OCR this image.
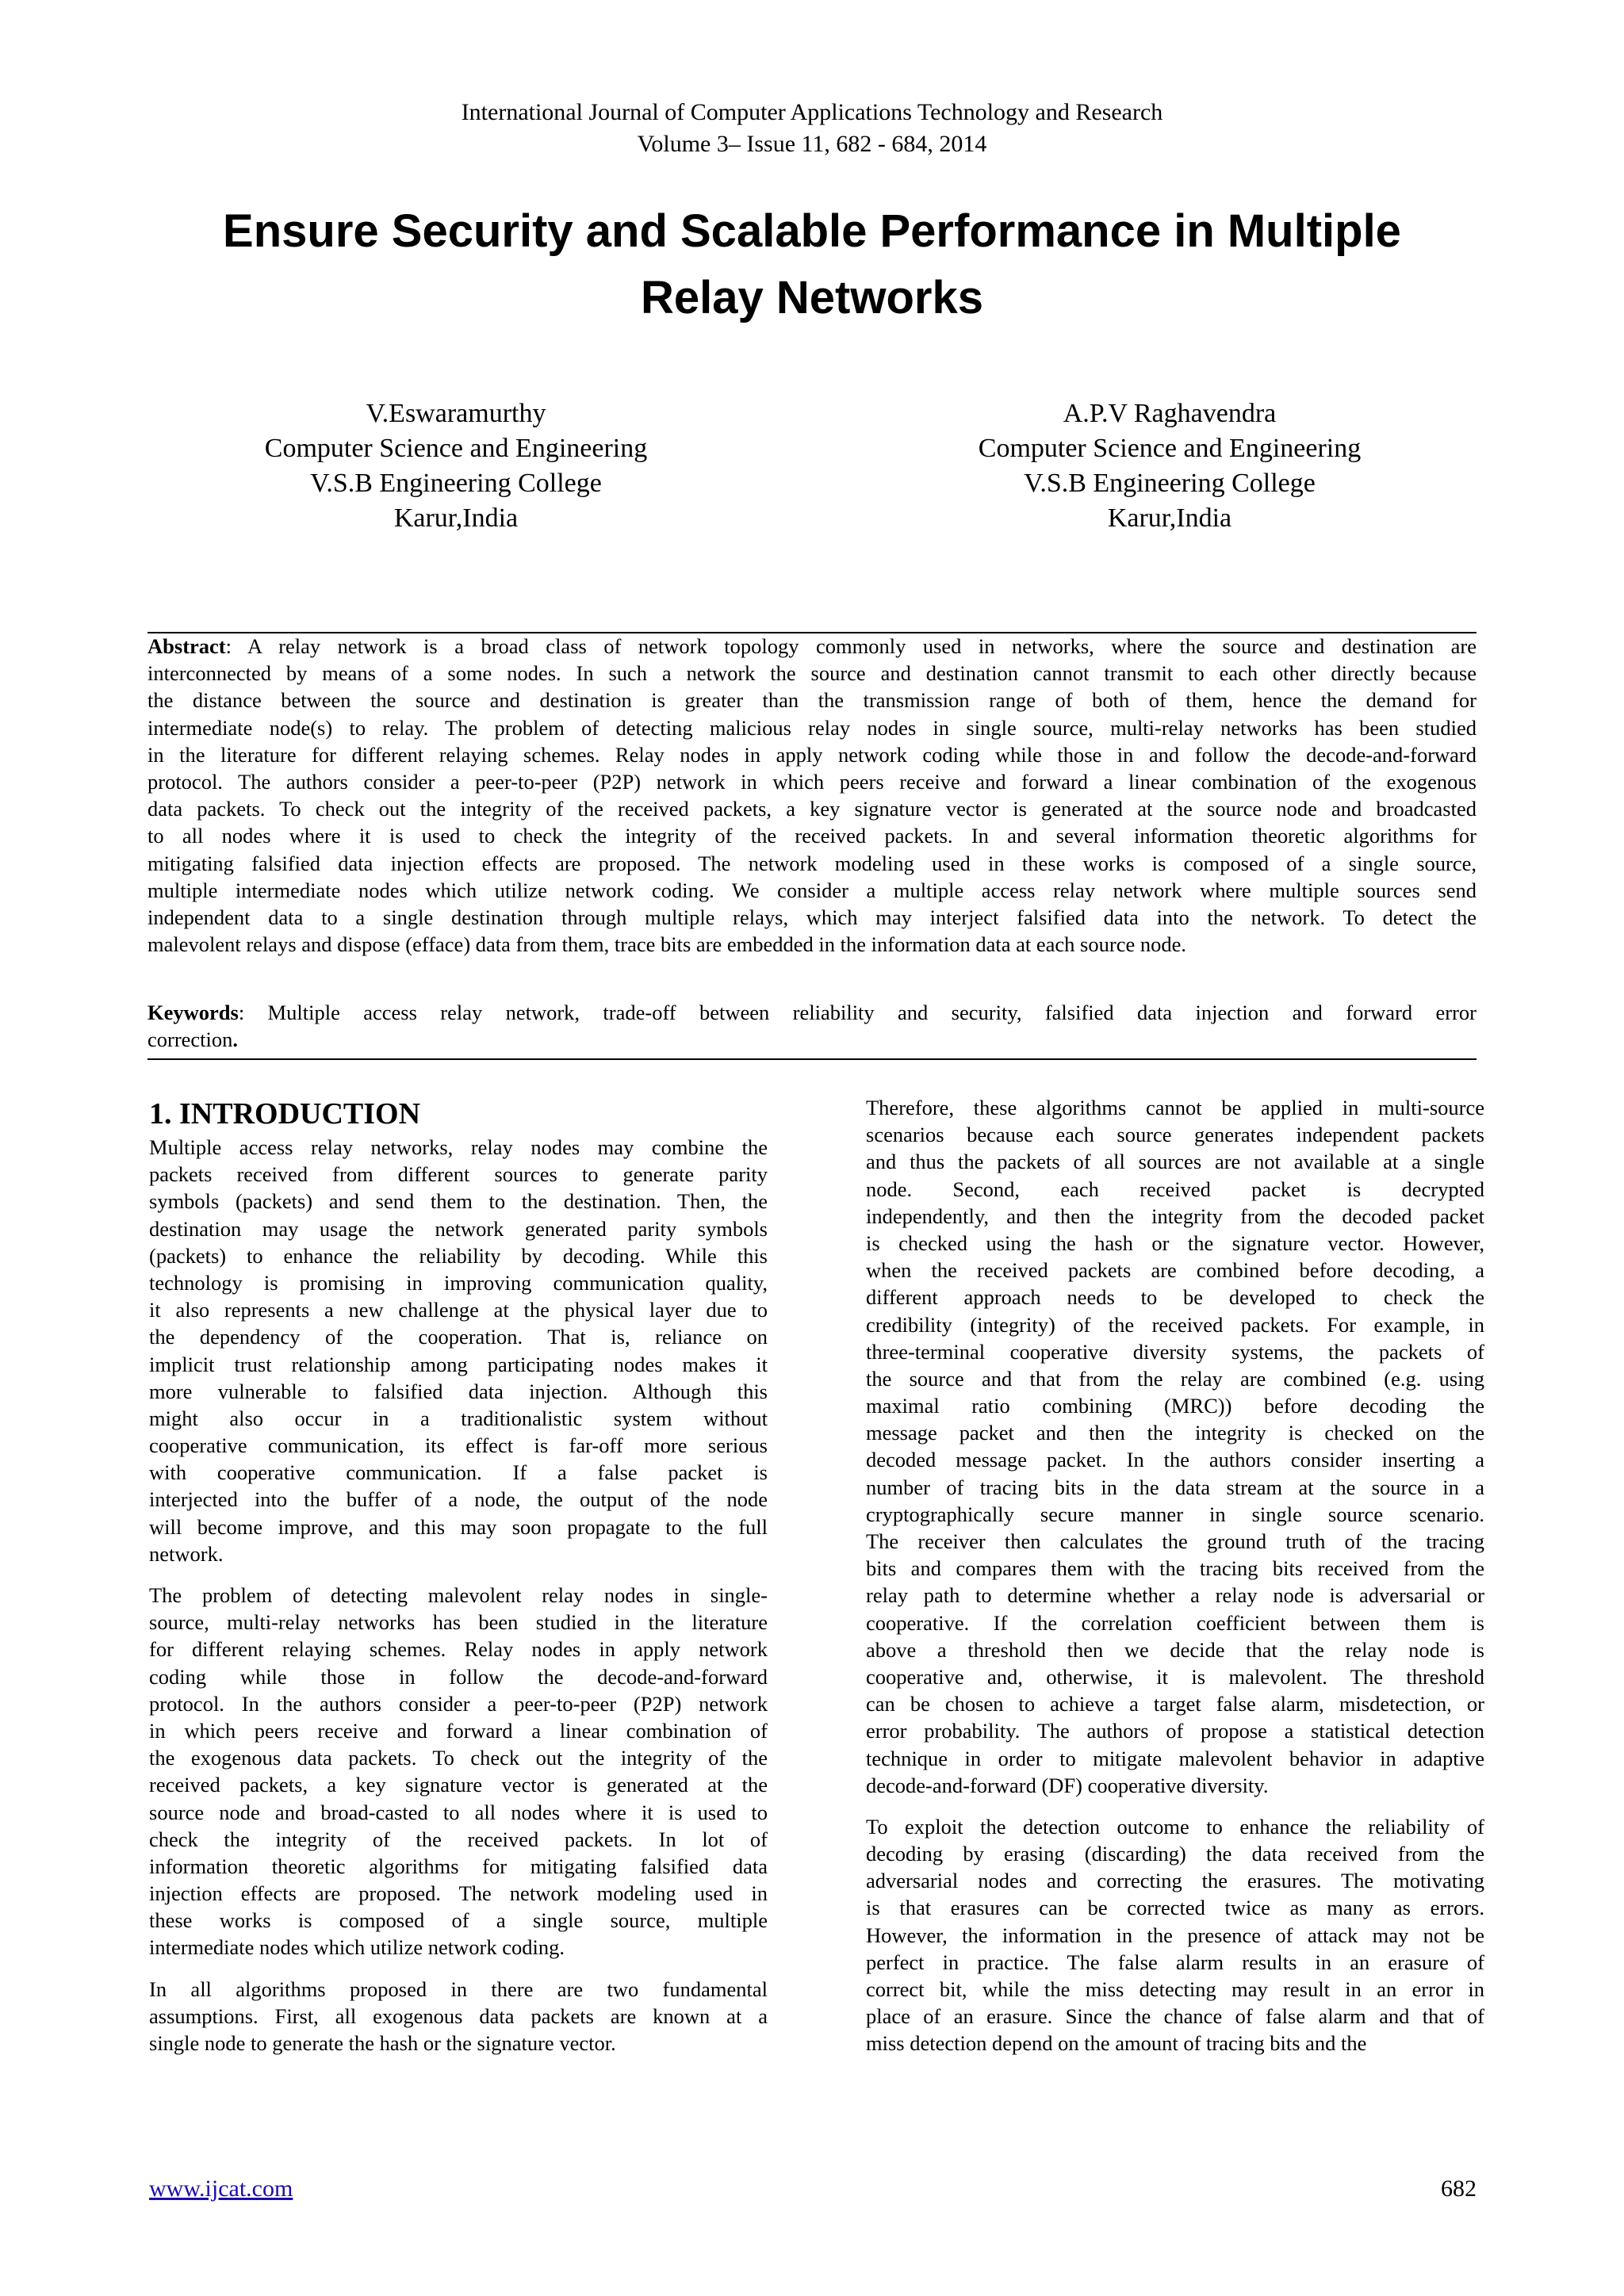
International Journal of Computer Applications Technology and Research
Volume 3– Issue 11, 682 - 684, 2014
Ensure Security and Scalable Performance in Multiple
Relay Networks
V.Eswaramurthy
Computer Science and Engineering
V.S.B Engineering College
Karur,India
A.P.V Raghavendra
Computer Science and Engineering
V.S.B Engineering College
Karur,India
Abstract: A relay network is a broad class of network topology commonly used in networks, where the source and destination are
interconnected by means of a some nodes. In such a network the source and destination cannot transmit to each other directly because
the distance between the source and destination is greater than the transmission range of both of them, hence the demand for
intermediate node(s) to relay. The problem of detecting malicious relay nodes in single source, multi-relay networks has been studied
in the literature for different relaying schemes. Relay nodes in apply network coding while those in and follow the decode-and-forward
protocol. The authors consider a peer-to-peer (P2P) network in which peers receive and forward a linear combination of the exogenous
data packets. To check out the integrity of the received packets, a key signature vector is generated at the source node and broadcasted
to all nodes where it is used to check the integrity of the received packets. In and several information theoretic algorithms for
mitigating falsified data injection effects are proposed. The network modeling used in these works is composed of a single source,
multiple intermediate nodes which utilize network coding. We consider a multiple access relay network where multiple sources send
independent data to a single destination through multiple relays, which may interject falsified data into the network. To detect the
malevolent relays and dispose (efface) data from them, trace bits are embedded in the information data at each source node.
Keywords: Multiple access relay network, trade-off between reliability and security, falsified data injection and forward error
correction.
1. INTRODUCTION
Multiple access relay networks, relay nodes may combine the
packets received from different sources to generate parity
symbols (packets) and send them to the destination. Then, the
destination may usage the network generated parity symbols
(packets) to enhance the reliability by decoding. While this
technology is promising in improving communication quality,
it also represents a new challenge at the physical layer due to
the dependency of the cooperation. That is, reliance on
implicit trust relationship among participating nodes makes it
more vulnerable to falsified data injection. Although this
might also occur in a traditionalistic system without
cooperative communication, its effect is far-off more serious
with cooperative communication. If a false packet is
interjected into the buffer of a node, the output of the node
will become improve, and this may soon propagate to the full
network.
The problem of detecting malevolent relay nodes in single-
source, multi-relay networks has been studied in the literature
for different relaying schemes. Relay nodes in apply network
coding while those in follow the decode-and-forward
protocol. In the authors consider a peer-to-peer (P2P) network
in which peers receive and forward a linear combination of
the exogenous data packets. To check out the integrity of the
received packets, a key signature vector is generated at the
source node and broad-casted to all nodes where it is used to
check the integrity of the received packets. In lot of
information theoretic algorithms for mitigating falsified data
injection effects are proposed. The network modeling used in
these works is composed of a single source, multiple
intermediate nodes which utilize network coding.
In all algorithms proposed in there are two fundamental
assumptions. First, all exogenous data packets are known at a
single node to generate the hash or the signature vector.
Therefore, these algorithms cannot be applied in multi-source
scenarios because each source generates independent packets
and thus the packets of all sources are not available at a single
node. Second, each received packet is decrypted
independently, and then the integrity from the decoded packet
is checked using the hash or the signature vector. However,
when the received packets are combined before decoding, a
different approach needs to be developed to check the
credibility (integrity) of the received packets. For example, in
three-terminal cooperative diversity systems, the packets of
the source and that from the relay are combined (e.g. using
maximal ratio combining (MRC)) before decoding the
message packet and then the integrity is checked on the
decoded message packet. In the authors consider inserting a
number of tracing bits in the data stream at the source in a
cryptographically secure manner in single source scenario.
The receiver then calculates the ground truth of the tracing
bits and compares them with the tracing bits received from the
relay path to determine whether a relay node is adversarial or
cooperative. If the correlation coefficient between them is
above a threshold then we decide that the relay node is
cooperative and, otherwise, it is malevolent. The threshold
can be chosen to achieve a target false alarm, misdetection, or
error probability. The authors of propose a statistical detection
technique in order to mitigate malevolent behavior in adaptive
decode-and-forward (DF) cooperative diversity.
To exploit the detection outcome to enhance the reliability of
decoding by erasing (discarding) the data received from the
adversarial nodes and correcting the erasures. The motivating
is that erasures can be corrected twice as many as errors.
However, the information in the presence of attack may not be
perfect in practice. The false alarm results in an erasure of
correct bit, while the miss detecting may result in an error in
place of an erasure. Since the chance of false alarm and that of
miss detection depend on the amount of tracing bits and the
www.ijcat.com	682
